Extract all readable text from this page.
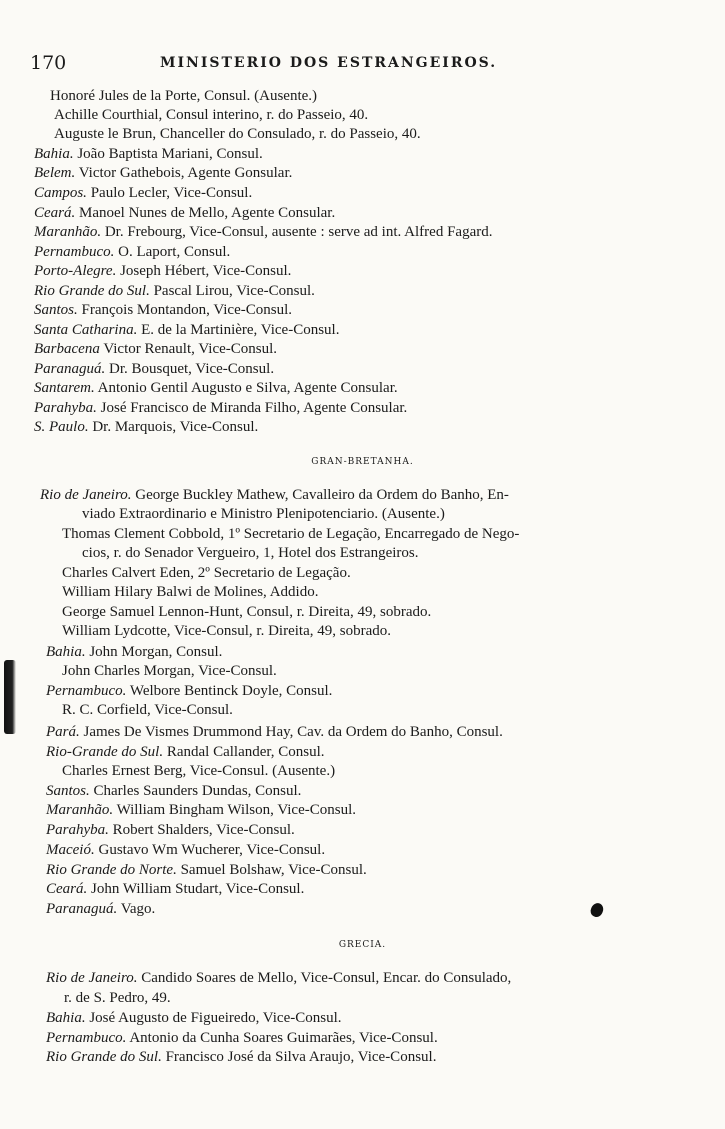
170	MINISTERIO DOS ESTRANGEIROS.
Honoré Jules de la Porte, Consul. (Ausente.)
Achille Courthial, Consul interino, r. do Passeio, 40.
Auguste le Brun, Chanceller do Consulado, r. do Passeio, 40.
Bahia. João Baptista Mariani, Consul.
Belem. Victor Gathebois, Agente Gonsular.
Campos. Paulo Lecler, Vice-Consul.
Ceará. Manoel Nunes de Mello, Agente Consular.
Maranhão. Dr. Frebourg, Vice-Consul, ausente : serve ad int. Alfred Fagard.
Pernambuco. O. Laport, Consul.
Porto-Alegre. Joseph Hébert, Vice-Consul.
Rio Grande do Sul. Pascal Lirou, Vice-Consul.
Santos. François Montandon, Vice-Consul.
Santa Catharina. E. de la Martinière, Vice-Consul.
Barbacena Victor Renault, Vice-Consul.
Paranaguá. Dr. Bousquet, Vice-Consul.
Santarem. Antonio Gentil Augusto e Silva, Agente Consular.
Parahyba. José Francisco de Miranda Filho, Agente Consular.
S. Paulo. Dr. Marquois, Vice-Consul.
GRAN-BRETANHA.
Rio de Janeiro. George Buckley Mathew, Cavalleiro da Ordem do Banho, En-
viado Extraordinario e Ministro Plenipotenciario. (Ausente.)
Thomas Clement Cobbold, 1º Secretario de Legação, Encarregado de Nego-
cios, r. do Senador Vergueiro, 1, Hotel dos Estrangeiros.
Charles Calvert Eden, 2º Secretario de Legação.
William Hilary Balwi de Molines, Addido.
George Samuel Lennon-Hunt, Consul, r. Direita, 49, sobrado.
William Lydcotte, Vice-Consul, r. Direita, 49, sobrado.
Bahia. John Morgan, Consul.
John Charles Morgan, Vice-Consul.
Pernambuco. Welbore Bentinck Doyle, Consul.
R. C. Corfield, Vice-Consul.
Pará. James De Vismes Drummond Hay, Cav. da Ordem do Banho, Consul.
Rio-Grande do Sul. Randal Callander, Consul.
Charles Ernest Berg, Vice-Consul. (Ausente.)
Santos. Charles Saunders Dundas, Consul.
Maranhão. William Bingham Wilson, Vice-Consul.
Parahyba. Robert Shalders, Vice-Consul.
Maceió. Gustavo Wm Wucherer, Vice-Consul.
Rio Grande do Norte. Samuel Bolshaw, Vice-Consul.
Ceará. John William Studart, Vice-Consul.
Paranaguá. Vago.
GRECIA.
Rio de Janeiro. Candido Soares de Mello, Vice-Consul, Encar. do Consulado,
r. de S. Pedro, 49.
Bahia. José Augusto de Figueiredo, Vice-Consul.
Pernambuco. Antonio da Cunha Soares Guimarães, Vice-Consul.
Rio Grande do Sul. Francisco José da Silva Araujo, Vice-Consul.
